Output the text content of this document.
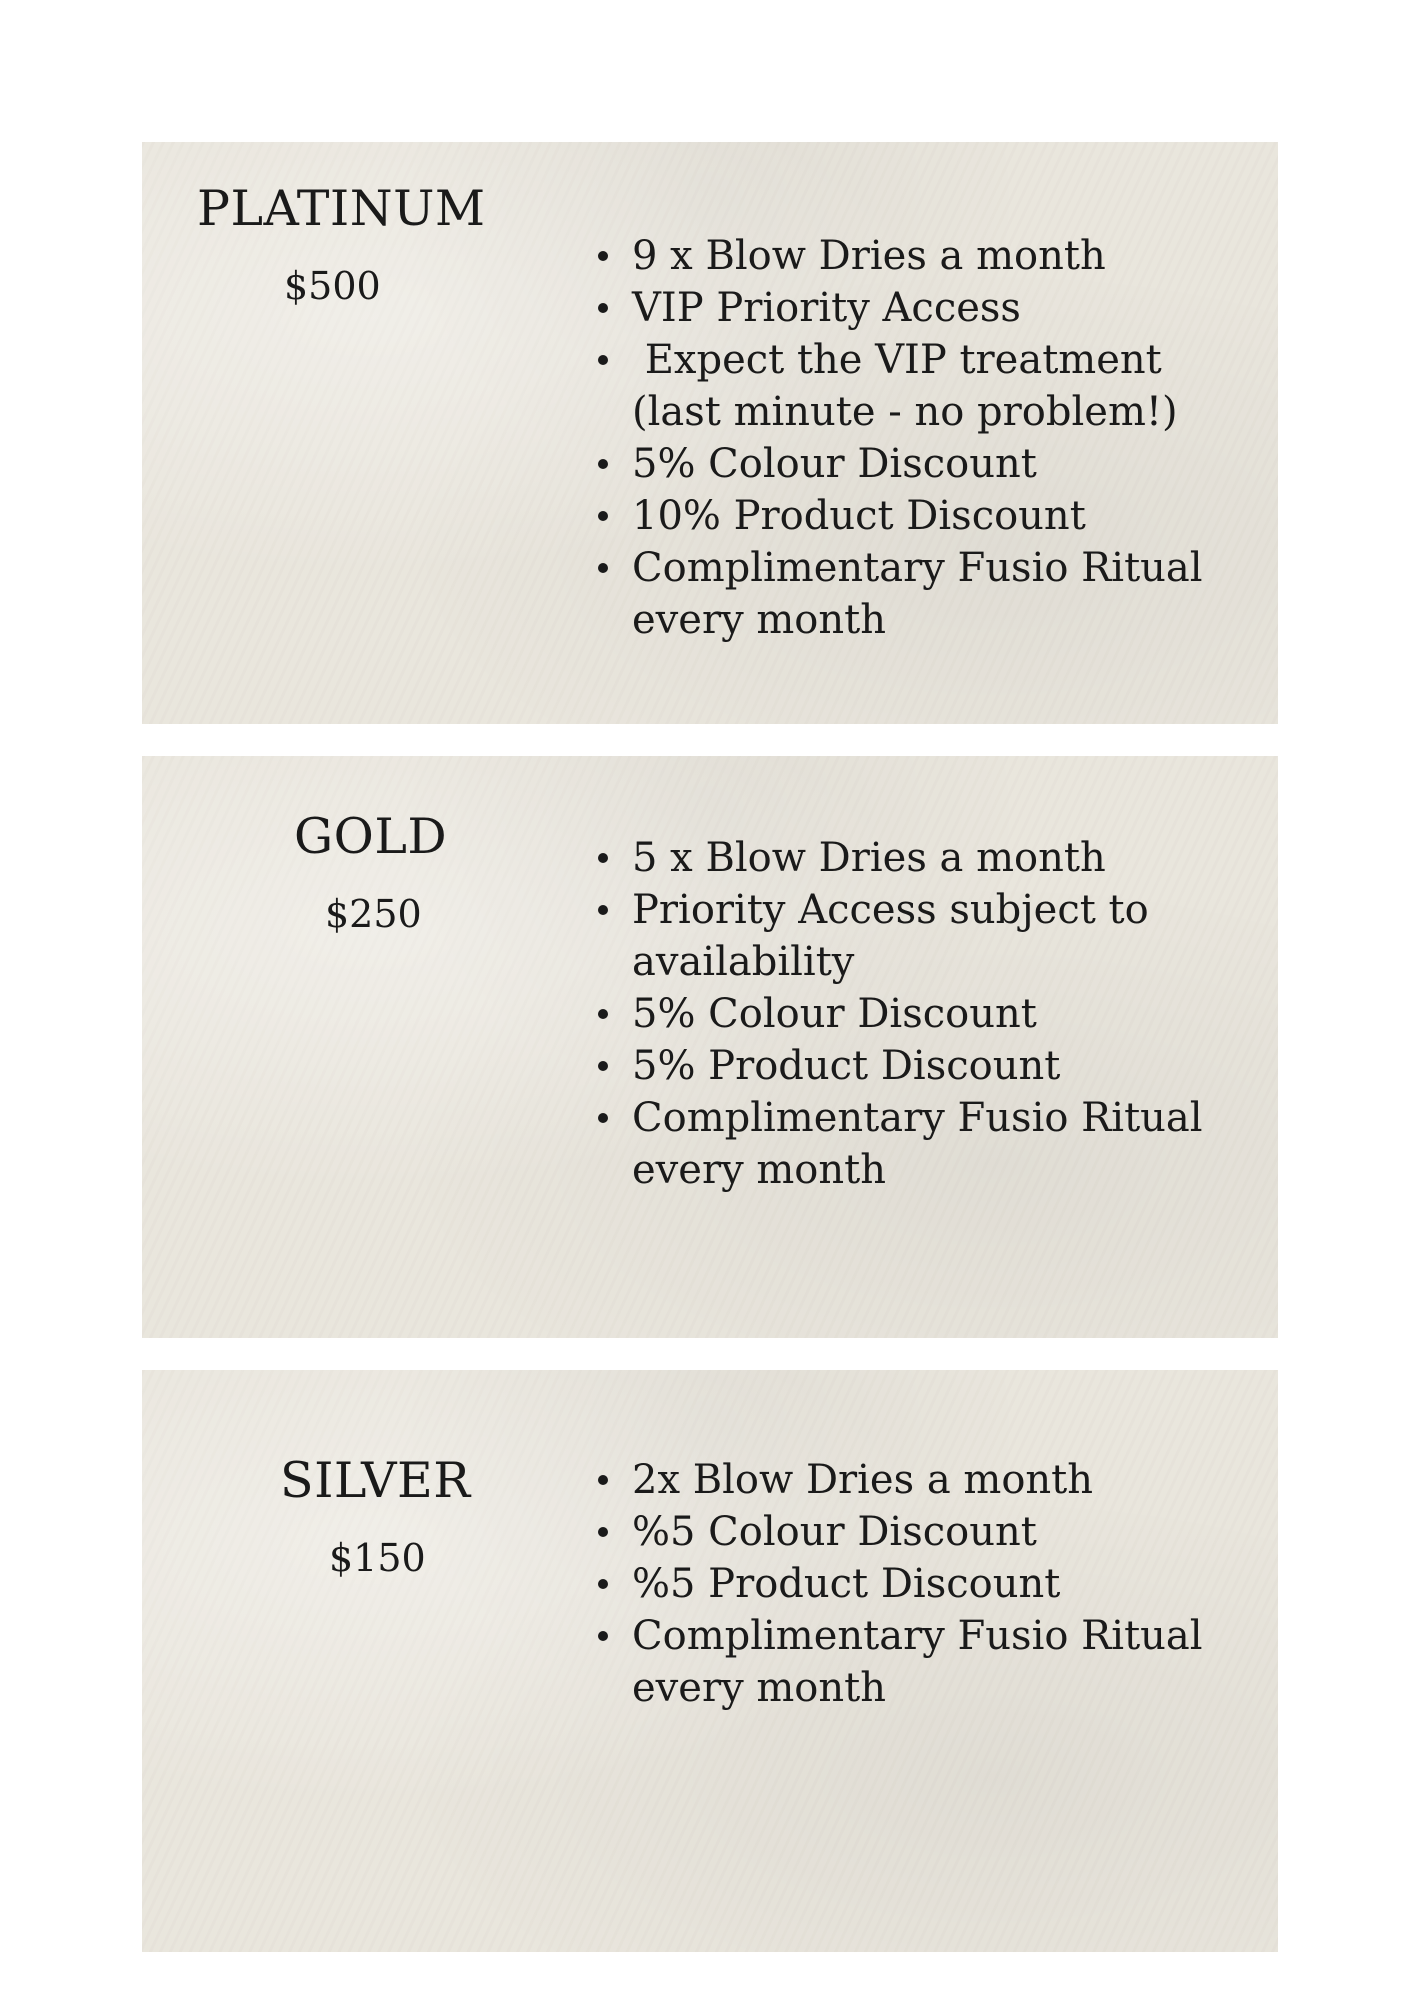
PLATINUM

$500

9 x Blow Dries a month
VIP Priority Access
Expect the VIP treatment (last minute - no problem!)
5% Colour Discount
10% Product Discount
Complimentary Fusio Ritual every month
GOLD

$250

5 x Blow Dries a month
Priority Access subject to availability
5% Colour Discount
5% Product Discount
Complimentary Fusio Ritual every month
SILVER

$150

2x Blow Dries a month
%5 Colour Discount
%5 Product Discount
Complimentary Fusio Ritual every month
